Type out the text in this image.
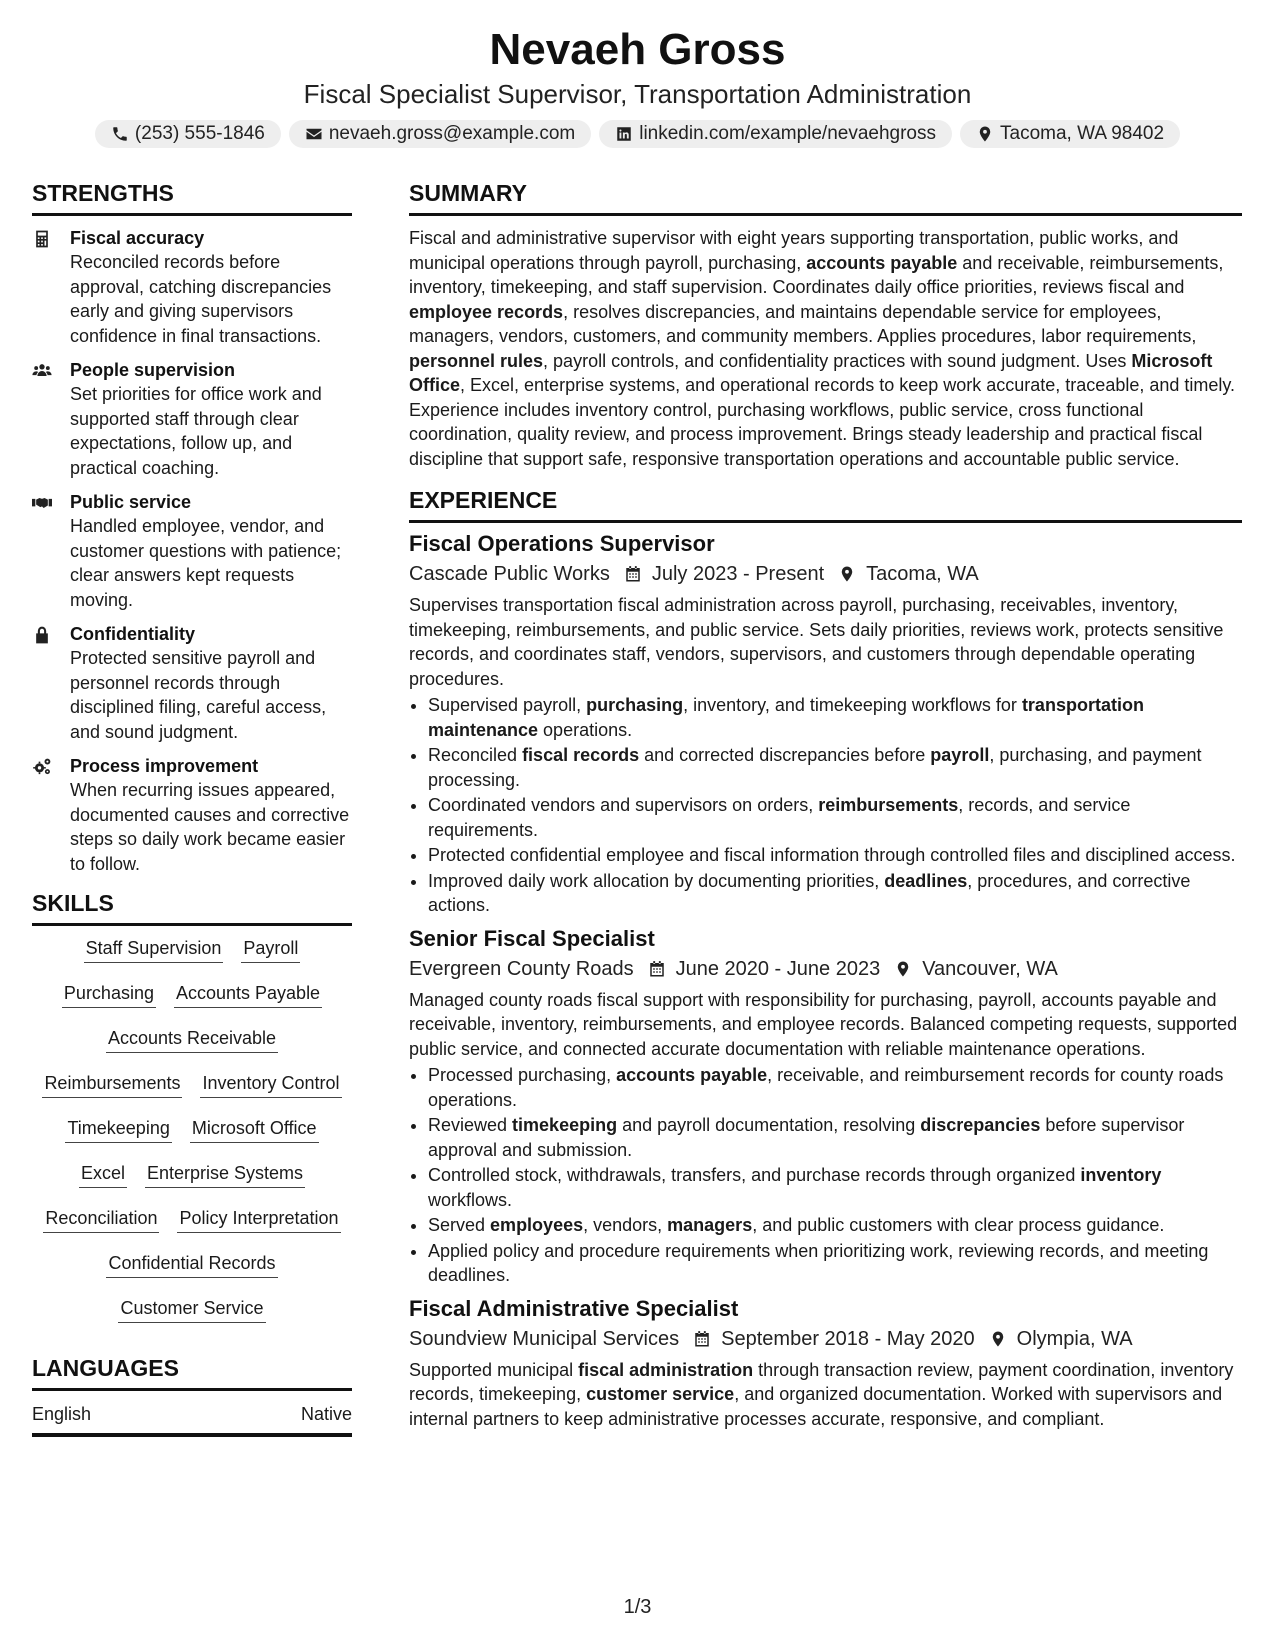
Nevaeh Gross
Fiscal Specialist Supervisor, Transportation Administration
(253) 555-1846	nevaeh.gross@example.com	linkedin.com/example/nevaehgross	Tacoma, WA 98402
STRENGTHS
Fiscal accuracy
Reconciled records before approval, catching discrepancies early and giving supervisors confidence in final transactions.
People supervision
Set priorities for office work and supported staff through clear expectations, follow up, and practical coaching.
Public service
Handled employee, vendor, and customer questions with patience; clear answers kept requests moving.
Confidentiality
Protected sensitive payroll and personnel records through disciplined filing, careful access, and sound judgment.
Process improvement
When recurring issues appeared, documented causes and corrective steps so daily work became easier to follow.
SKILLS
Staff Supervision Payroll
Purchasing Accounts Payable
Accounts Receivable
Reimbursements Inventory Control
Timekeeping Microsoft Office
Excel Enterprise Systems
Reconciliation Policy Interpretation
Confidential Records
Customer Service
LANGUAGES
English	Native
SUMMARY

Fiscal and administrative supervisor with eight years supporting transportation, public works, and municipal operations through payroll, purchasing, accounts payable and receivable, reimbursements, inventory, timekeeping, and staff supervision. Coordinates daily office priorities, reviews fiscal and employee records, resolves discrepancies, and maintains dependable service for employees, managers, vendors, customers, and community members. Applies procedures, labor requirements, personnel rules, payroll controls, and confidentiality practices with sound judgment. Uses Microsoft Office, Excel, enterprise systems, and operational records to keep work accurate, traceable, and timely. Experience includes inventory control, purchasing workflows, public service, cross functional coordination, quality review, and process improvement. Brings steady leadership and practical fiscal discipline that support safe, responsive transportation operations and accountable public service.

EXPERIENCE
Fiscal Operations Supervisor
Cascade Public Works July 2023 - Present Tacoma, WA

Supervises transportation fiscal administration across payroll, purchasing, receivables, inventory, timekeeping, reimbursements, and public service. Sets daily priorities, reviews work, protects sensitive records, and coordinates staff, vendors, supervisors, and customers through dependable operating procedures.

• Supervised payroll, purchasing, inventory, and timekeeping workflows for transportation maintenance operations.
• Reconciled fiscal records and corrected discrepancies before payroll, purchasing, and payment processing.
• Coordinated vendors and supervisors on orders, reimbursements, records, and service requirements.
• Protected confidential employee and fiscal information through controlled files and disciplined access.
• Improved daily work allocation by documenting priorities, deadlines, procedures, and corrective actions.
Senior Fiscal Specialist
Evergreen County Roads June 2020 - June 2023 Vancouver, WA

Managed county roads fiscal support with responsibility for purchasing, payroll, accounts payable and receivable, inventory, reimbursements, and employee records. Balanced competing requests, supported public service, and connected accurate documentation with reliable maintenance operations.

• Processed purchasing, accounts payable, receivable, and reimbursement records for county roads operations.
• Reviewed timekeeping and payroll documentation, resolving discrepancies before supervisor approval and submission.
• Controlled stock, withdrawals, transfers, and purchase records through organized inventory workflows.
• Served employees, vendors, managers, and public customers with clear process guidance.
• Applied policy and procedure requirements when prioritizing work, reviewing records, and meeting deadlines.
Fiscal Administrative Specialist
Soundview Municipal Services September 2018 - May 2020 Olympia, WA

Supported municipal fiscal administration through transaction review, payment coordination, inventory records, timekeeping, customer service, and organized documentation. Worked with supervisors and internal partners to keep administrative processes accurate, responsive, and compliant.

1/3
